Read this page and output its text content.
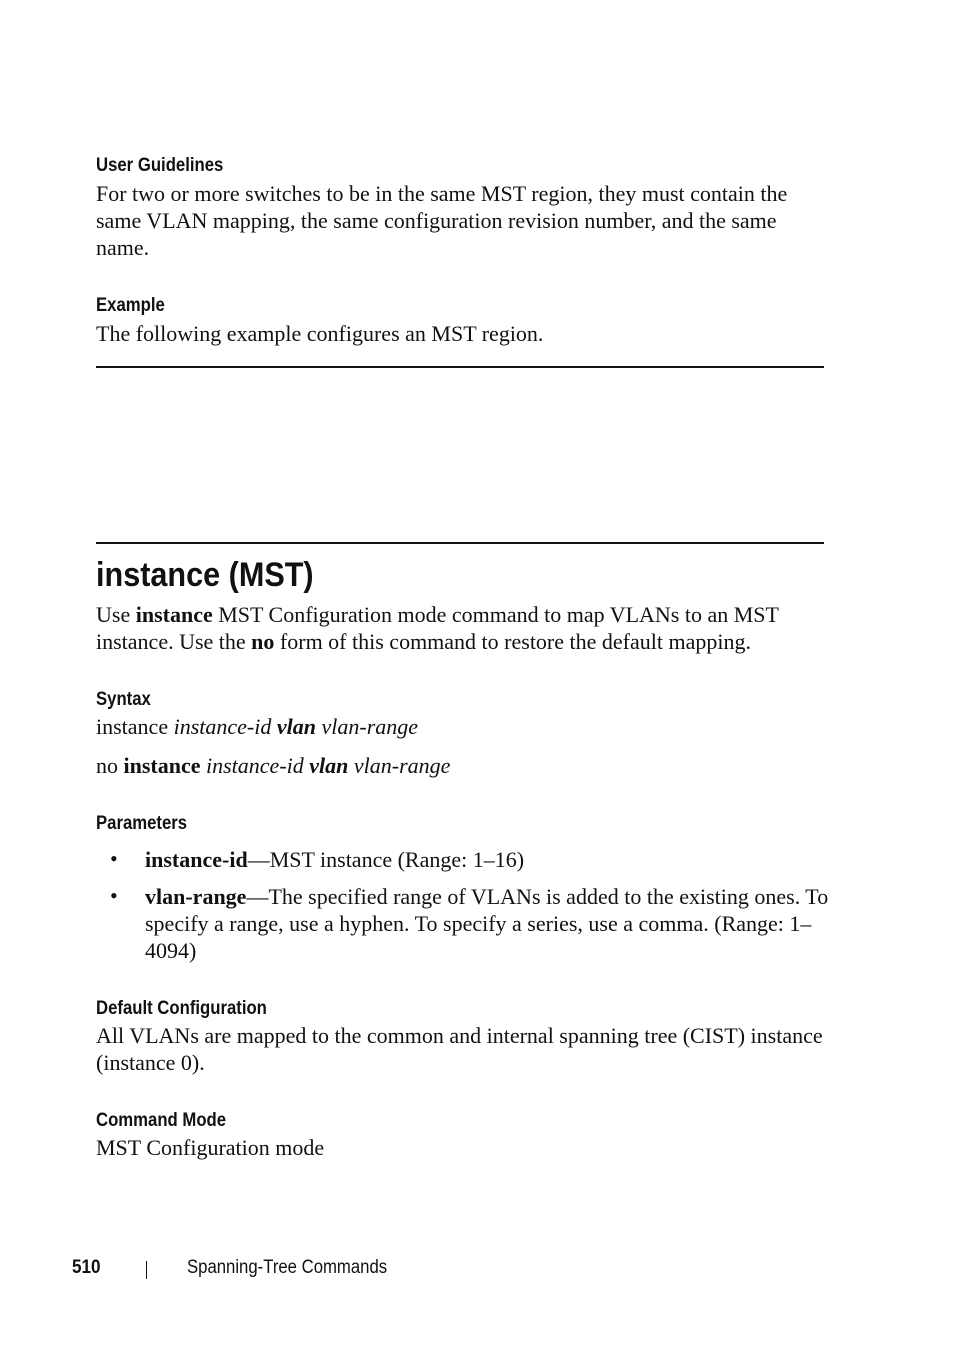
User Guidelines
For two or more switches to be in the same MST region, they must contain the same VLAN mapping, the same configuration revision number, and the same name.
Example
The following example configures an MST region.
instance (MST)
Use instance MST Configuration mode command to map VLANs to an MST instance. Use the no form of this command to restore the default mapping.
Syntax
instance instance-id vlan vlan-range
no instance instance-id vlan vlan-range
Parameters
• instance-id—MST instance (Range: 1–16)
• vlan-range—The specified range of VLANs is added to the existing ones. To specify a range, use a hyphen. To specify a series, use a comma. (Range: 1–4094)
Default Configuration
All VLANs are mapped to the common and internal spanning tree (CIST) instance (instance 0).
Command Mode
MST Configuration mode
510	Spanning-Tree Commands
